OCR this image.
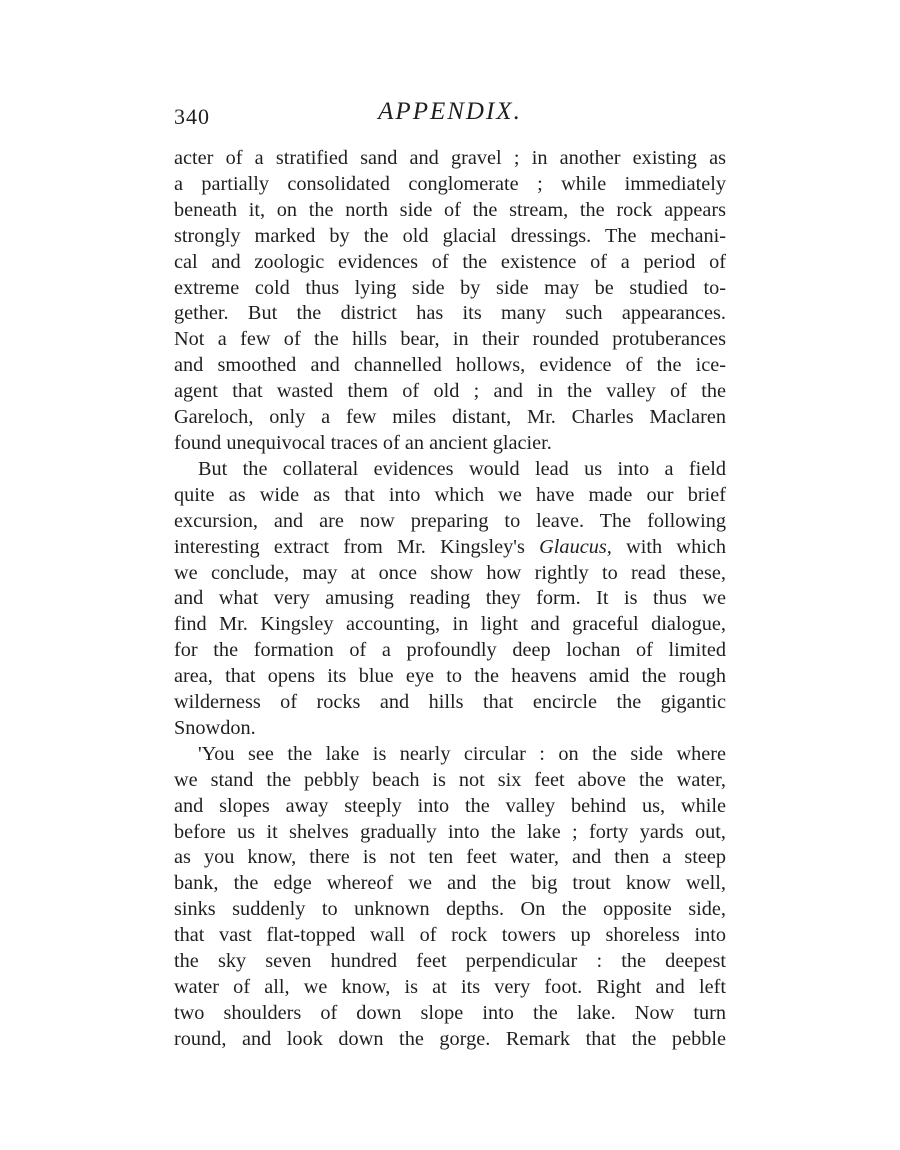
340	APPENDIX.

acter of a stratified sand and gravel ; in another existing as
a partially consolidated conglomerate ; while immediately
beneath it, on the north side of the stream, the rock appears
strongly marked by the old glacial dressings. The mechani-
cal and zoologic evidences of the existence of a period of
extreme cold thus lying side by side may be studied to-
gether. But the district has its many such appearances.
Not a few of the hills bear, in their rounded protuberances
and smoothed and channelled hollows, evidence of the ice-
agent that wasted them of old ; and in the valley of the
Gareloch, only a few miles distant, Mr. Charles Maclaren
found unequivocal traces of an ancient glacier.

But the collateral evidences would lead us into a field
quite as wide as that into which we have made our brief
excursion, and are now preparing to leave. The following
interesting extract from Mr. Kingsley's Glaucus, with which
we conclude, may at once show how rightly to read these,
and what very amusing reading they form. It is thus we
find Mr. Kingsley accounting, in light and graceful dialogue,
for the formation of a profoundly deep lochan of limited
area, that opens its blue eye to the heavens amid the rough
wilderness of rocks and hills that encircle the gigantic
Snowdon.

'You see the lake is nearly circular : on the side where
we stand the pebbly beach is not six feet above the water,
and slopes away steeply into the valley behind us, while
before us it shelves gradually into the lake ; forty yards out,
as you know, there is not ten feet water, and then a steep
bank, the edge whereof we and the big trout know well,
sinks suddenly to unknown depths. On the opposite side,
that vast flat-topped wall of rock towers up shoreless into
the sky seven hundred feet perpendicular : the deepest
water of all, we know, is at its very foot. Right and left
two shoulders of down slope into the lake. Now turn
round, and look down the gorge. Remark that the pebble
